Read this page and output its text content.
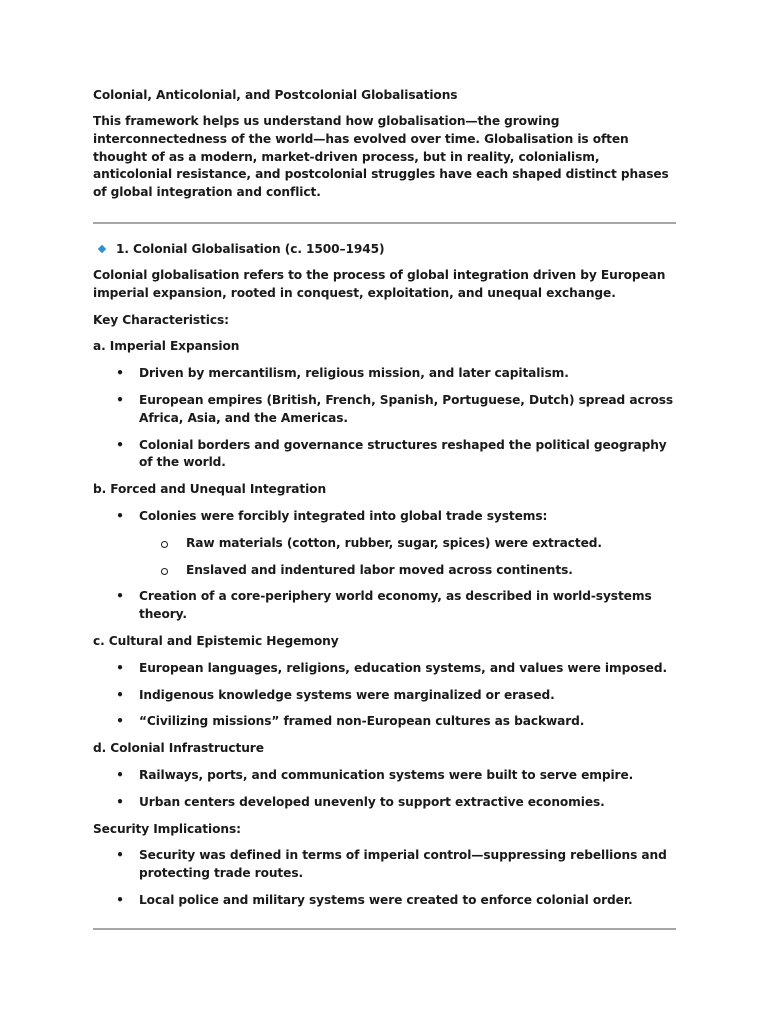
Colonial, Anticolonial, and Postcolonial Globalisations

This framework helps us understand how globalisation—the growing interconnectedness of the world—has evolved over time. Globalisation is often thought of as a modern, market-driven process, but in reality, colonialism, anticolonial resistance, and postcolonial struggles have each shaped distinct phases of global integration and conflict.

1. Colonial Globalisation (c. 1500–1945)

Colonial globalisation refers to the process of global integration driven by European imperial expansion, rooted in conquest, exploitation, and unequal exchange.

Key Characteristics:

a. Imperial Expansion

• Driven by mercantilism, religious mission, and later capitalism.
• European empires (British, French, Spanish, Portuguese, Dutch) spread across Africa, Asia, and the Americas.
• Colonial borders and governance structures reshaped the political geography of the world.

b. Forced and Unequal Integration

• Colonies were forcibly integrated into global trade systems:
Raw materials (cotton, rubber, sugar, spices) were extracted.
Enslaved and indentured labor moved across continents.
• Creation of a core-periphery world economy, as described in world-systems theory.

c. Cultural and Epistemic Hegemony

• European languages, religions, education systems, and values were imposed.
• Indigenous knowledge systems were marginalized or erased.
• “Civilizing missions” framed non-European cultures as backward.

d. Colonial Infrastructure

• Railways, ports, and communication systems were built to serve empire.
• Urban centers developed unevenly to support extractive economies.

Security Implications:

• Security was defined in terms of imperial control—suppressing rebellions and protecting trade routes.
• Local police and military systems were created to enforce colonial order.
